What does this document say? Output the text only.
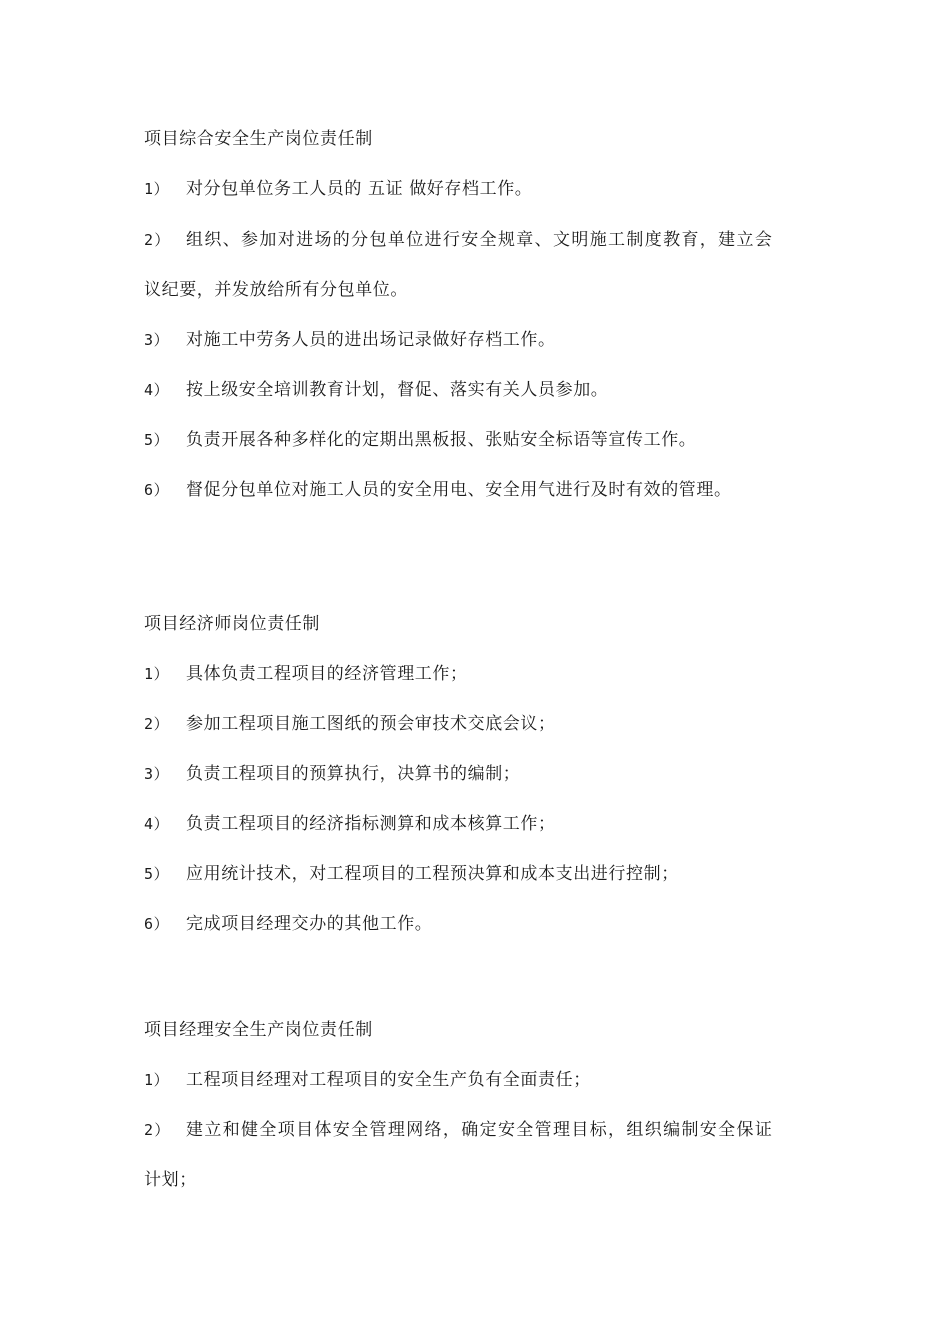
项目综合安全生产岗位责任制
1） 对分包单位务工人员的 五证 做好存档工作。
2） 组织、参加对进场的分包单位进行安全规章、文明施工制度教育，建立会
议纪要，并发放给所有分包单位。
3） 对施工中劳务人员的进出场记录做好存档工作。
4） 按上级安全培训教育计划，督促、落实有关人员参加。
5） 负责开展各种多样化的定期出黑板报、张贴安全标语等宣传工作。
6） 督促分包单位对施工人员的安全用电、安全用气进行及时有效的管理。
项目经济师岗位责任制
1） 具体负责工程项目的经济管理工作；
2） 参加工程项目施工图纸的预会审技术交底会议；
3） 负责工程项目的预算执行，决算书的编制；
4） 负责工程项目的经济指标测算和成本核算工作；
5） 应用统计技术，对工程项目的工程预决算和成本支出进行控制；
6） 完成项目经理交办的其他工作。
项目经理安全生产岗位责任制
1） 工程项目经理对工程项目的安全生产负有全面责任；
2） 建立和健全项目体安全管理网络，确定安全管理目标，组织编制安全保证
计划；
